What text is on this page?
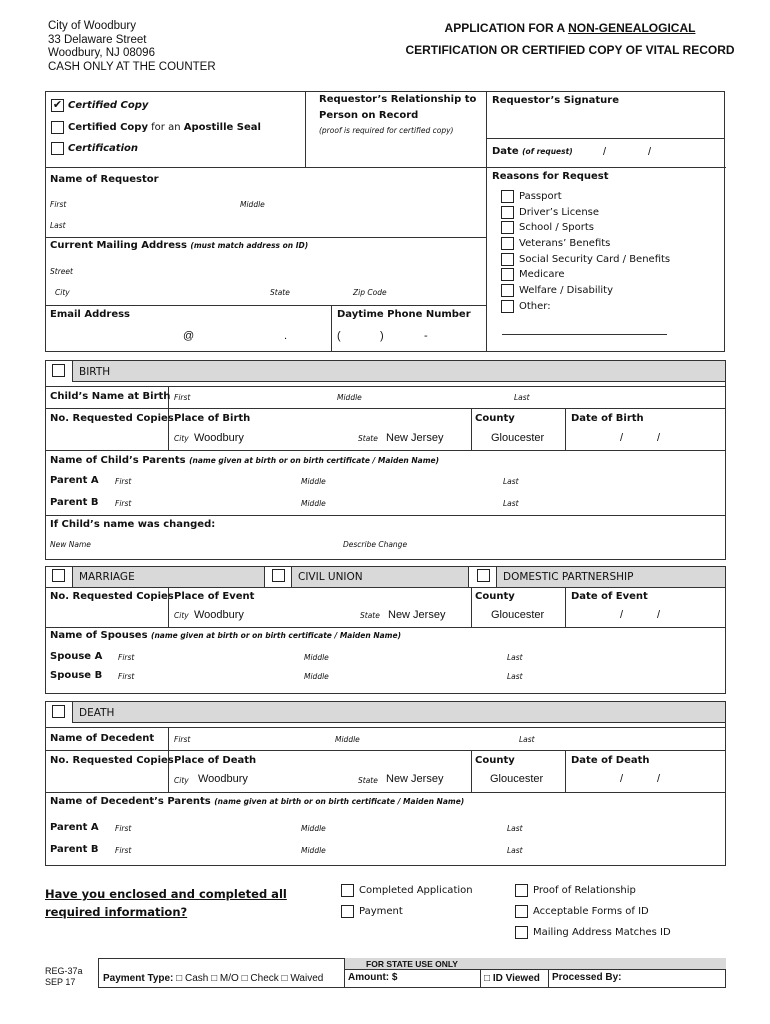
City of Woodbury
33 Delaware Street
Woodbury, NJ 08096
CASH ONLY AT THE COUNTER
APPLICATION FOR A NON-GENEALOGICAL
CERTIFICATION OR CERTIFIED COPY OF VITAL RECORD
✔ Certified Copy
Certified Copy for an Apostille Seal
Certification
Requestor’s Relationship to
Person on Record
(proof is required for certified copy)
Requestor’s Signature
Date (of request)	/	/
Name of Requestor
First	Middle
Last
Current Mailing Address (must match address on ID)
Street
City	State	Zip Code
Email Address
@	.
Daytime Phone Number
(	)	-
Reasons for Request
Passport
Driver’s License
School / Sports
Veterans’ Benefits
Social Security Card / Benefits
Medicare
Welfare / Disability
Other:
BIRTH
Child’s Name at Birth First	Middle	Last
No. Requested Copies Place of Birth
City Woodbury	State New Jersey
County
Gloucester
Date of Birth
/	/
Name of Child’s Parents (name given at birth or on birth certificate / Maiden Name)
Parent A First	Middle	Last
Parent B First	Middle	Last
If Child’s name was changed:
New Name	Describe Change
MARRIAGE	CIVIL UNION	DOMESTIC PARTNERSHIP
No. Requested Copies Place of Event
City Woodbury	State New Jersey
County
Gloucester
Date of Event
/	/
Name of Spouses (name given at birth or on birth certificate / Maiden Name)
Spouse A First	Middle	Last
Spouse B First	Middle	Last
DEATH
Name of Decedent	First	Middle	Last
No. Requested Copies Place of Death
City Woodbury	State New Jersey
County
Gloucester
Date of Death
/	/
Name of Decedent’s Parents (name given at birth or on birth certificate / Maiden Name)
Parent A First	Middle	Last
Parent B First	Middle	Last
Have you enclosed and completed all
required information?
Completed Application
Payment
Proof of Relationship
Acceptable Forms of ID
Mailing Address Matches ID
REG-37a
SEP 17
FOR STATE USE ONLY
Payment Type: □ Cash □ M/O □ Check □ Waived Amount: $	□ ID Viewed Processed By:
